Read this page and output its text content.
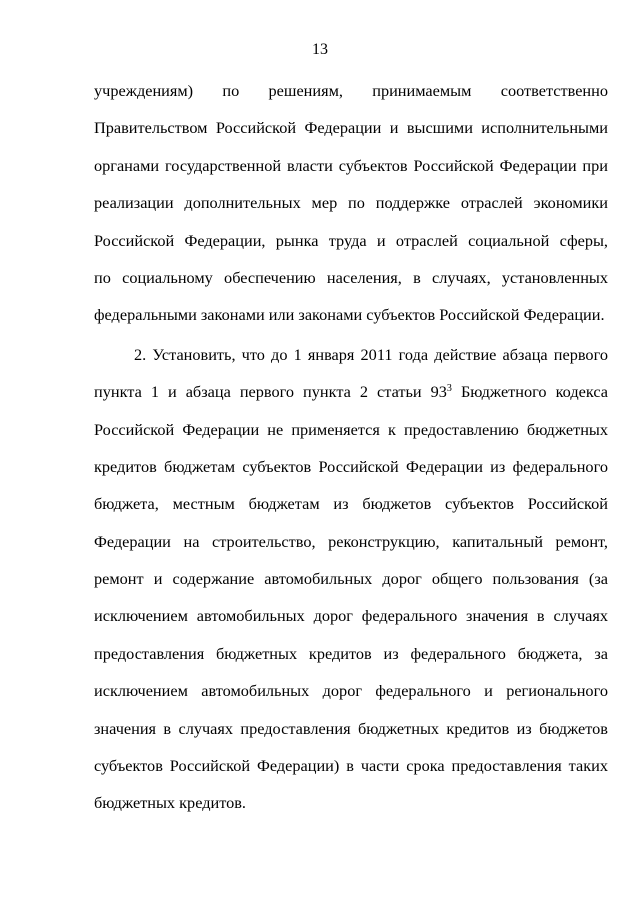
13
учреждениям) по решениям, принимаемым соответственно
Правительством Российской Федерации и высшими исполнительными
органами государственной власти субъектов Российской Федерации при
реализации дополнительных мер по поддержке отраслей экономики
Российской Федерации, рынка труда и отраслей социальной сферы,
по социальному обеспечению населения, в случаях, установленных
федеральными законами или законами субъектов Российской Федерации.
2. Установить, что до 1 января 2011 года действие абзаца первого
пункта 1 и абзаца первого пункта 2 статьи $93^3$ Бюджетного кодекса
Российской Федерации не применяется к предоставлению бюджетных
кредитов бюджетам субъектов Российской Федерации из федерального
бюджета, местным бюджетам из бюджетов субъектов Российской
Федерации на строительство, реконструкцию, капитальный ремонт,
ремонт и содержание автомобильных дорог общего пользования (за
исключением автомобильных дорог федерального значения в случаях
предоставления бюджетных кредитов из федерального бюджета, за
исключением автомобильных дорог федерального и регионального
значения в случаях предоставления бюджетных кредитов из бюджетов
субъектов Российской Федерации) в части срока предоставления таких
бюджетных кредитов.
